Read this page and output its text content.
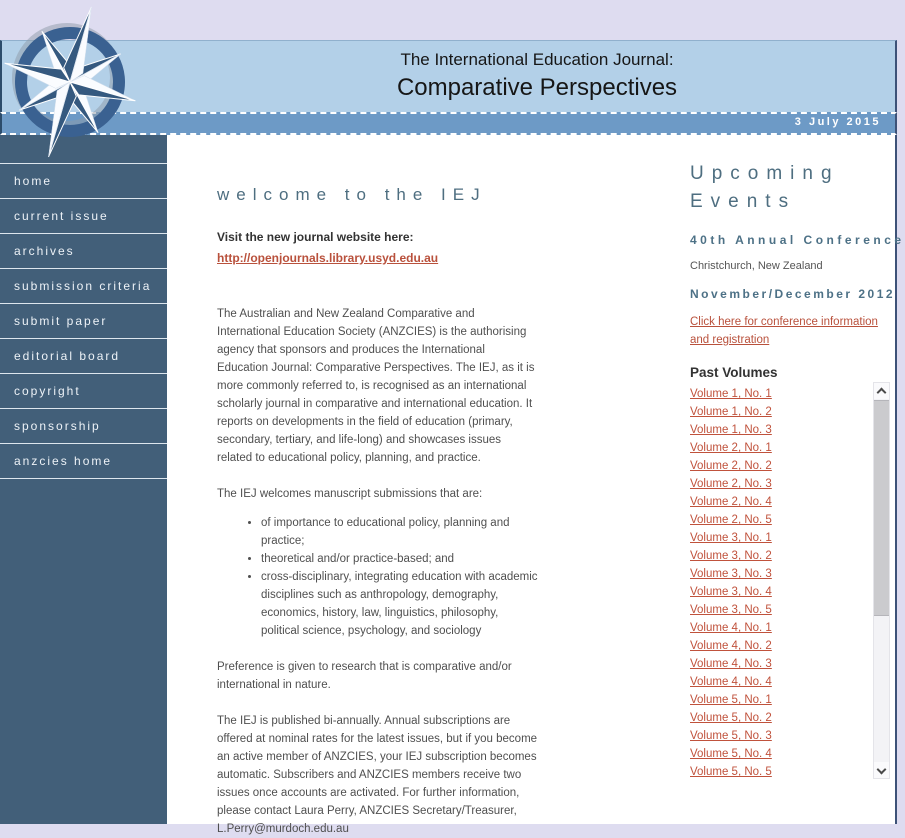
The International Education Journal:
Comparative Perspectives
3 July 2015
home
current issue
archives
submission criteria
submit paper
editorial board
copyright
sponsorship
anzcies home
welcome to the IEJ
Visit the new journal website here:
http://openjournals.library.usyd.edu.au
The Australian and New Zealand Comparative and International Education Society (ANZCIES) is the authorising agency that sponsors and produces the International Education Journal: Comparative Perspectives. The IEJ, as it is more commonly referred to, is recognised as an international scholarly journal in comparative and international education. It reports on developments in the field of education (primary, secondary, tertiary, and life-long) and showcases issues related to educational policy, planning, and practice.
The IEJ welcomes manuscript submissions that are:
• of importance to educational policy, planning and practice;
• theoretical and/or practice-based; and
• cross-disciplinary, integrating education with academic disciplines such as anthropology, demography, economics, history, law, linguistics, philosophy, political science, psychology, and sociology
Preference is given to research that is comparative and/or international in nature.
The IEJ is published bi-annually. Annual subscriptions are offered at nominal rates for the latest issues, but if you become an active member of ANZCIES, your IEJ subscription becomes automatic. Subscribers and ANZCIES members receive two issues once accounts are activated. For further information, please contact Laura Perry, ANZCIES Secretary/Treasurer, L.Perry@murdoch.edu.au
Upcoming Events
40th Annual Conference
Christchurch, New Zealand
November/December 2012
Click here for conference information and registration
Past Volumes
Volume 1, No. 1
Volume 1, No. 2
Volume 1, No. 3
Volume 2, No. 1
Volume 2, No. 2
Volume 2, No. 3
Volume 2, No. 4
Volume 2, No. 5
Volume 3, No. 1
Volume 3, No. 2
Volume 3, No. 3
Volume 3, No. 4
Volume 3, No. 5
Volume 4, No. 1
Volume 4, No. 2
Volume 4, No. 3
Volume 4, No. 4
Volume 5, No. 1
Volume 5, No. 2
Volume 5, No. 3
Volume 5, No. 4
Volume 5, No. 5
